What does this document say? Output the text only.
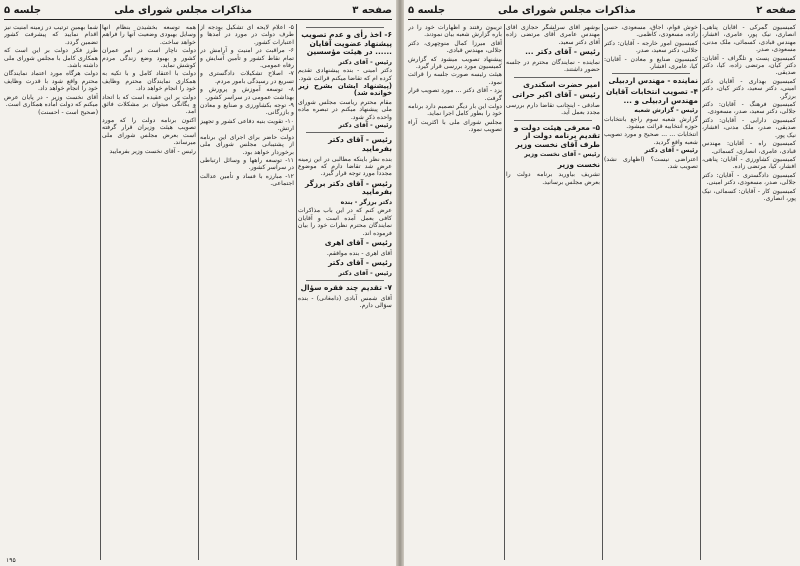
صفحه ۳
مذاکرات مجلس شورای ملی
جلسه ۵

۶- اخذ رأی و عدم تصویب پیشنهاد عضویت آقایان ...... در هیئت مؤسسین

رئیس - آقای دکتر

دکتر امینی - بنده پیشنهادی تقدیم کرده ام که تقاضا میکنم قرائت شود.

(پیشنهاد ایشان بشرح زیر خوانده شد)

مقام محترم ریاست مجلس شورای ملی پیشنهاد میکنم در تبصره ماده واحده ذکر شود.

رئیس - آقای دکتر

رئیس - آقای دکتر بفرمایید

بنده نظر باینکه مطالبی در این زمینه عرض شد تقاضا دارم که موضوع مجدداً مورد توجه قرار گیرد.

رئیس - آقای دکتر برزگر بفرمایید

دکتر برزگر - بنده

عرض کنم که در این باب مذاکرات کافی بعمل آمده است و آقایان نمایندگان محترم نظرات خود را بیان فرموده اند.

رئیس - آقای اهری

آقای اهری - بنده موافقم.

رئیس - آقای دکتر

رئیس - آقای دکتر

۷- تقدیم چند فقره سؤال

آقای شمس آبادی (دامغانی) - بنده سؤالی دارم.

۵- اعلام لایحه ای تشکیل بودجه از طرف دولت در مورد در آمدها و اعتبارات کشور.

۶- مراقبت در امنیت و آرامش در تمام نقاط کشور و تأمین آسایش و رفاه عمومی.

۷- اصلاح تشکیلات دادگستری و تسریع در رسیدگی بامور مردم.

۸- توسعه آموزش و پرورش و بهداشت عمومی در سراسر کشور.

۹- توجه بکشاورزی و صنایع و معادن و بازرگانی.

۱۰- تقویت بنیه دفاعی کشور و تجهیز ارتش.

دولت حاضر برای اجرای این برنامه از پشتیبانی مجلس شورای ملی برخوردار خواهد بود.

۱۱- توسعه راهها و وسائل ارتباطی در سراسر کشور.

۱۲- مبارزه با فساد و تأمین عدالت اجتماعی.

همه توسعه بخشیدن بنظام آنها وسایل بهبودی وضعیت آنها را فراهم خواهد ساخت.

دولت ناچار است در امر عمران کشور و بهبود وضع زندگی مردم کوشش نماید.

دولت با اعتقاد کامل و با تکیه به همکاری نمایندگان محترم وظایف خود را انجام خواهد داد.

دولت بر این عقیده است که با اتحاد و یگانگی میتوان بر مشکلات فائق آمد.

اکنون برنامه دولت را که مورد تصویب هیئت وزیران قرار گرفته است بعرض مجلس شورای ملی میرساند.

رئیس - آقای نخست وزیر بفرمایید

شما بهمین ترتیب در زمینه امنیت نیز اقدام نمایید که پیشرفت کشور تضمین گردد.

طرز فکر دولت بر این است که همکاری کامل با مجلس شورای ملی داشته باشد.

دولت هرگاه مورد اعتماد نمایندگان محترم واقع شود با قدرت وظایف خود را انجام خواهد داد.

آقای نخست وزیر - در پایان عرض میکنم که دولت آماده همکاری است.

(صحیح است - احسنت)

۱۹۵
جلسه ۵	مذاکرات مجلس شورای ملی	صفحه ۲

کمیسیون گمرکی - آقایان پناهی، انصاری، نیک پور، عامری، افشار، مهندس قبادی، کسمائی، ملک مدنی، مسعودی، صدر.

کمیسیون پست و تلگراف - آقایان: دکتر کیان، مرتضی زاده، کیا، دکتر صدیقی.

کمیسیون بهداری - آقایان دکتر امینی، دکتر سعید، دکتر کیان، دکتر برزگر.

کمیسیون فرهنگ - آقایان: دکتر جلالی، دکتر سعید، صدر، مسعودی.

کمیسیون دارایی - آقایان: دکتر صدیقی، صدر، ملک مدنی، افشار، نیک پور.

کمیسیون راه - آقایان: مهندس قبادی، عامری، انصاری، کسمائی.

کمیسیون کشاورزی - آقایان: پناهی، افشار، کیا، مرتضی زاده.

کمیسیون دادگستری - آقایان: دکتر جلالی، صدر، مسعودی، دکتر امینی.

کمیسیون کار - آقایان: کسمائی، نیک پور، انصاری.

خوش قوام، اجاق، مسعودی، حسن زاده، مسعودی، کاظمی.

کمیسیون امور خارجه - آقایان: دکتر جلالی، دکتر سعید، صدر.

کمیسیون صنایع و معادن - آقایان: کیا، عامری، افشار.

نماینده - مهندس اردبیلی

۴- تصویب انتخابات آقایان مهندس اردبیلی و ...

رئیس - گزارش شعبه

گزارش شعبه سوم راجع بانتخابات حوزه انتخابیه قرائت میشود.

انتخابات ... ... صحیح و مورد تصویب شعبه واقع گردید.

رئیس - آقای دکتر

اعتراضی نیست؟ (اظهاری نشد) تصویب شد.

بوشهر آقای سرلشگر حجازی آقای مهندس عامری آقای مرتضی زاده آقای دکتر سعید.

رئیس - آقای دکتر ...

نماینده - نمایندگان محترم در جلسه حضور داشتند.

امیر حضرت اسکندری

رئیس - آقای اکبر حراتی

صادقی - اینجانب تقاضا دارم بررسی مجدد بعمل آید.

۵- معرفی هیئت دولت و تقدیم برنامه دولت از طرف آقای نخست وزیر

رئیس - آقای نخست وزیر

نخست وزیر

تشریف بیاورید برنامه دولت را بعرض مجلس برسانید.

تریبون رفتند و اظهارات خود را در باره گزارش شعبه بیان نمودند.

آقای میرزا کمال منوچهری، دکتر جلالی، مهندس قبادی.

پیشنهاد تصویب میشود که گزارش کمیسیون مورد بررسی قرار گیرد.

هیئت رئیسه صورت جلسه را قرائت نمود.

یزد - آقای دکتر ... مورد تصویب قرار گرفت.

دولت این بار دیگر تصمیم دارد برنامه خود را بطور کامل اجرا نماید.

مجلس شورای ملی با اکثریت آراء تصویب نمود.
